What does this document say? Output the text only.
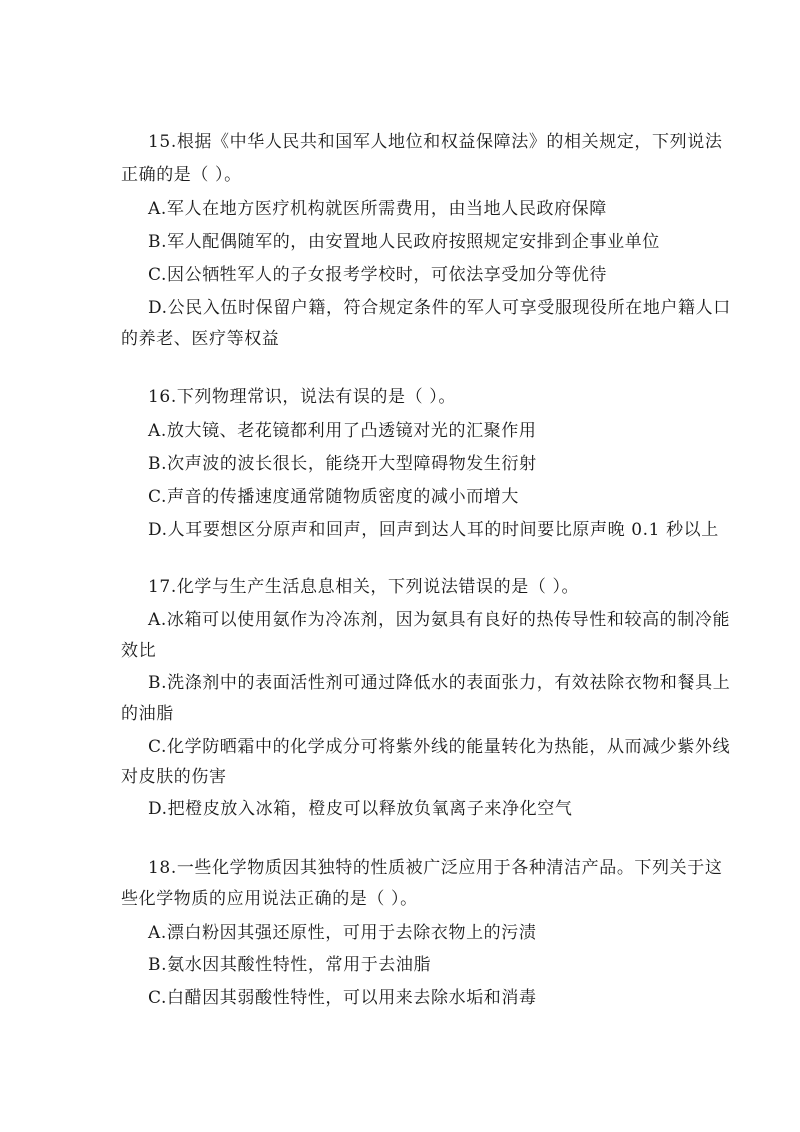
15.根据《中华人民共和国军人地位和权益保障法》的相关规定，下列说法
正确的是（ ）。
A.军人在地方医疗机构就医所需费用，由当地人民政府保障
B.军人配偶随军的，由安置地人民政府按照规定安排到企事业单位
C.因公牺牲军人的子女报考学校时，可依法享受加分等优待
D.公民入伍时保留户籍，符合规定条件的军人可享受服现役所在地户籍人口
的养老、医疗等权益
16.下列物理常识，说法有误的是（ ）。
A.放大镜、老花镜都利用了凸透镜对光的汇聚作用
B.次声波的波长很长，能绕开大型障碍物发生衍射
C.声音的传播速度通常随物质密度的减小而增大
D.人耳要想区分原声和回声，回声到达人耳的时间要比原声晚 0.1 秒以上
17.化学与生产生活息息相关，下列说法错误的是（ ）。
A.冰箱可以使用氨作为冷冻剂，因为氨具有良好的热传导性和较高的制冷能
效比
B.洗涤剂中的表面活性剂可通过降低水的表面张力，有效祛除衣物和餐具上
的油脂
C.化学防晒霜中的化学成分可将紫外线的能量转化为热能，从而减少紫外线
对皮肤的伤害
D.把橙皮放入冰箱，橙皮可以释放负氧离子来净化空气
18.一些化学物质因其独特的性质被广泛应用于各种清洁产品。下列关于这
些化学物质的应用说法正确的是（ ）。
A.漂白粉因其强还原性，可用于去除衣物上的污渍
B.氨水因其酸性特性，常用于去油脂
C.白醋因其弱酸性特性，可以用来去除水垢和消毒
